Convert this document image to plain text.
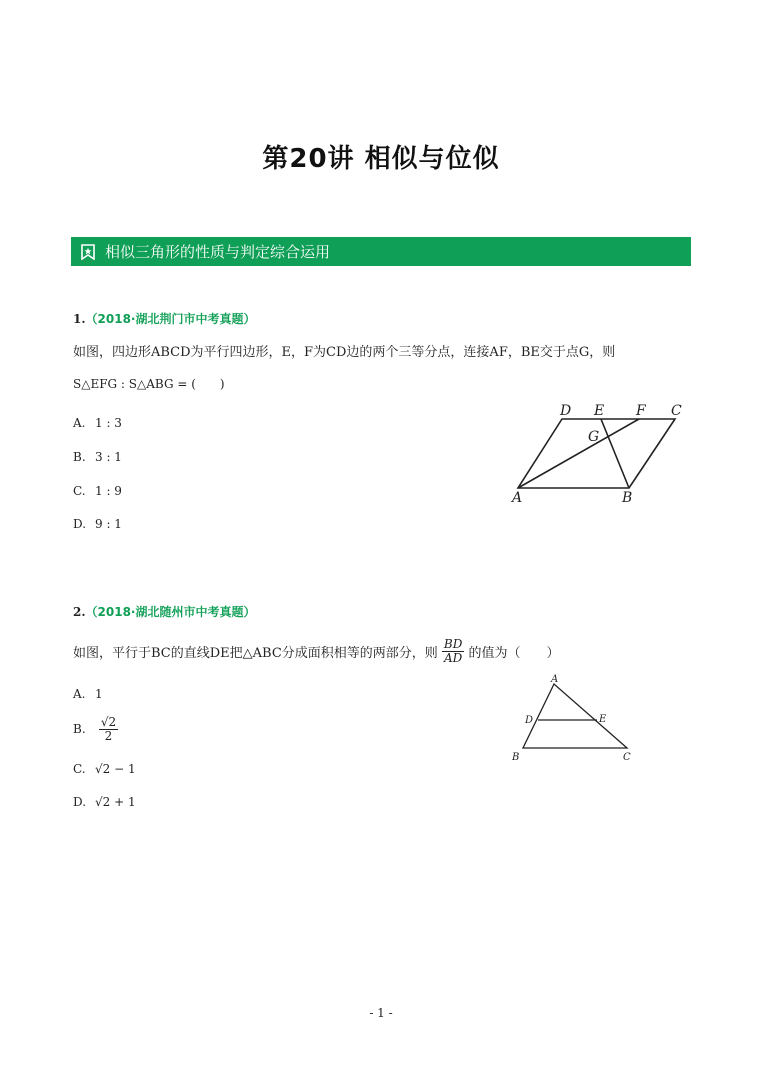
第20讲 相似与位似
相似三角形的性质与判定综合运用
1.（2018·湖北荆门市中考真题）
如图，四边形ABCD为平行四边形，E，F为CD边的两个三等分点，连接AF，BE交于点G，则
S△EFG : S△ABG = (　　)
A. 1 : 3
B. 3 : 1
C. 1 : 9
D. 9 : 1
D E F C
G
A	B
2.（2018·湖北随州市中考真题）
如图，平行于BC的直线DE把△ABC分成面积相等的两部分，则 $\frac{BD}{AD}$ 的值为（　　）
A. 1
B. $\frac{√2}{2}$
C. √2 − 1
D. √2 + 1
A
D	E
B	C
- 1 -
